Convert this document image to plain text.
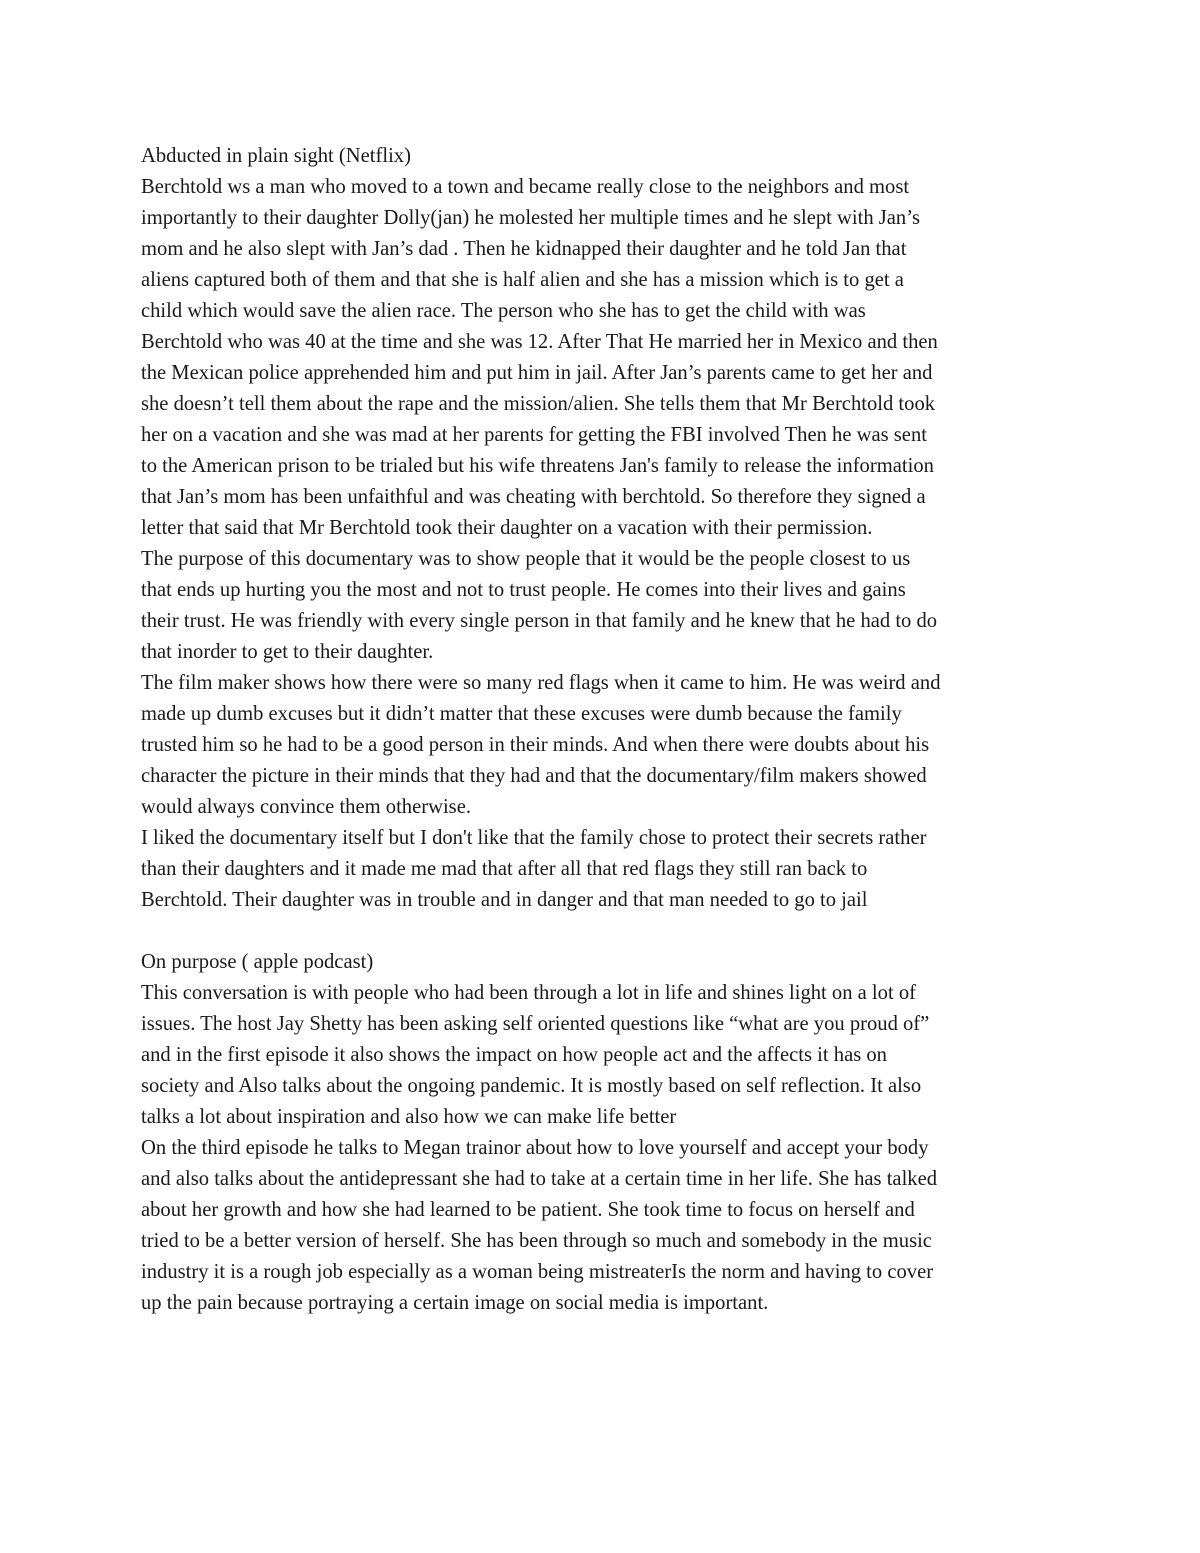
Abducted in plain sight (Netflix)
Berchtold ws a man who moved to a town and became really close to the neighbors and most
importantly to their daughter Dolly(jan) he molested her multiple times and he slept with Jan’s
mom and he also slept with Jan’s dad . Then he kidnapped their daughter and he told Jan that
aliens captured both of them and that she is half alien and she has a mission which is to get a
child which would save the alien race. The person who she has to get the child with was
Berchtold who was 40 at the time and she was 12. After That He married her in Mexico and then
the Mexican police apprehended him and put him in jail. After Jan’s parents came to get her and
she doesn’t tell them about the rape and the mission/alien. She tells them that Mr Berchtold took
her on a vacation and she was mad at her parents for getting the FBI involved Then he was sent
to the American prison to be trialed but his wife threatens Jan's family to release the information
that Jan’s mom has been unfaithful and was cheating with berchtold. So therefore they signed a
letter that said that Mr Berchtold took their daughter on a vacation with their permission.
The purpose of this documentary was to show people that it would be the people closest to us
that ends up hurting you the most and not to trust people. He comes into their lives and gains
their trust. He was friendly with every single person in that family and he knew that he had to do
that inorder to get to their daughter.
The film maker shows how there were so many red flags when it came to him. He was weird and
made up dumb excuses but it didn’t matter that these excuses were dumb because the family
trusted him so he had to be a good person in their minds. And when there were doubts about his
character the picture in their minds that they had and that the documentary/film makers showed
would always convince them otherwise.
I liked the documentary itself but I don't like that the family chose to protect their secrets rather
than their daughters and it made me mad that after all that red flags they still ran back to
Berchtold. Their daughter was in trouble and in danger and that man needed to go to jail
On purpose ( apple podcast)
This conversation is with people who had been through a lot in life and shines light on a lot of
issues. The host Jay Shetty has been asking self oriented questions like “what are you proud of”
and in the first episode it also shows the impact on how people act and the affects it has on
society and Also talks about the ongoing pandemic. It is mostly based on self reflection. It also
talks a lot about inspiration and also how we can make life better
On the third episode he talks to Megan trainor about how to love yourself and accept your body
and also talks about the antidepressant she had to take at a certain time in her life. She has talked
about her growth and how she had learned to be patient. She took time to focus on herself and
tried to be a better version of herself. She has been through so much and somebody in the music
industry it is a rough job especially as a woman being mistreaterIs the norm and having to cover
up the pain because portraying a certain image on social media is important.
